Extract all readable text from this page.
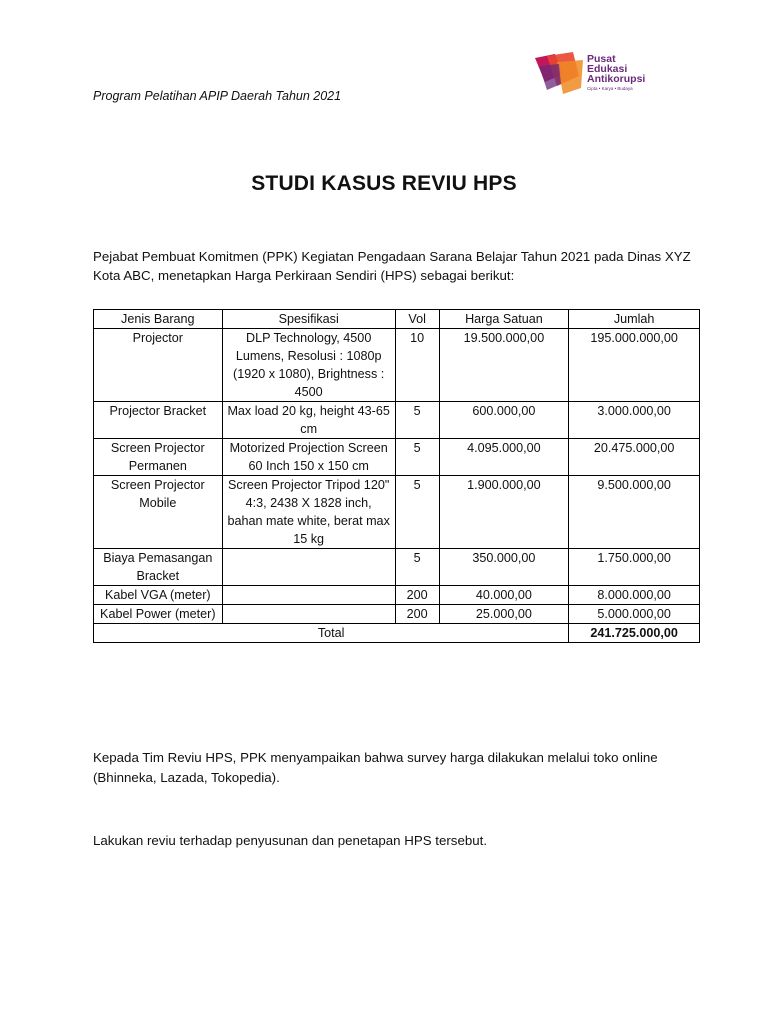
Program Pelatihan APIP Daerah Tahun 2021
Pusat
Edukasi
Antikorupsi
Cipta • Karya • Budaya
STUDI KASUS REVIU HPS
Pejabat Pembuat Komitmen (PPK) Kegiatan Pengadaan Sarana Belajar Tahun 2021 pada Dinas XYZ Kota ABC, menetapkan Harga Perkiraan Sendiri (HPS) sebagai berikut:
Jenis Barang	Spesifikasi	Vol	Harga Satuan	Jumlah
Projector	DLP Technology, 4500 Lumens, Resolusi : 1080p (1920 x 1080), Brightness : 4500	10	19.500.000,00	195.000.000,00
Projector Bracket	Max load 20 kg, height 43-65 cm	5	600.000,00	3.000.000,00
Screen Projector Permanen	Motorized Projection Screen 60 Inch 150 x 150 cm	5	4.095.000,00	20.475.000,00
Screen Projector Mobile	Screen Projector Tripod 120" 4:3, 2438 X 1828 inch, bahan mate white, berat max 15 kg	5	1.900.000,00	9.500.000,00
Biaya Pemasangan Bracket		5	350.000,00	1.750.000,00
Kabel VGA (meter)		200	40.000,00	8.000.000,00
Kabel Power (meter)		200	25.000,00	5.000.000,00
Total				241.725.000,00
Kepada Tim Reviu HPS, PPK menyampaikan bahwa survey harga dilakukan melalui toko online (Bhinneka, Lazada, Tokopedia).
Lakukan reviu terhadap penyusunan dan penetapan HPS tersebut.
